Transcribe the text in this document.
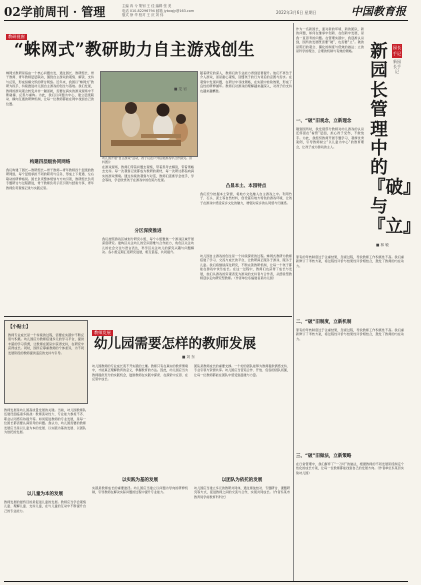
02学前周刊 · 管理	主编 冉 兮 策划 王 佳 编辑 张 美
电话 010-82296794 邮箱 jybxqjy@163.com
版式 徐 华 校对 王 庆 刘 伟	2022年3月6日 星期日	中国教育报
教研视窗
“蛛网式”教研助力自主游戏创生
蛛网式教研是指由一个核心问题出发，通过园长、教研组长、骨干教师、青年教师层层联动，围绕自主游戏的观察、解读、支持与反思，形成纵横交织的研讨网络。近年来，我园以“蛛网式”教研为抓手，持续推进幼儿园自主游戏的创生与落地。我们发现，教师的游戏观念转变并非一蹴而就，需要在真实的游戏现场中不断碰撞、反思与重构。为此，我们以问题为中心，建立层级联动、横向互通的研修机制，让每一位教师都能在网中找到自己的位置。
构建四层级协同网络
我们构建了园长—教研组长—骨干教师—青年教师四个层级的教研网络，每个层级承担不同的职责与任务，形成上下贯通、左右联动的研修格局。园长负责整体规划与方向引领，教研组长负责专题研讨与过程跟进，骨干教师负责示范引领与经验分享，青年教师负责观察记录与实践反思。
幼儿园开展“自主游戏”活动，孩子们在户外搭建游戏中合作探究。资料图片
在游戏现场，教师们带着问题去观察，带着思考去解读，带着策略去支持。每一次观察记录都成为教研的素材，每一次研讨都指向真实的游戏情境。通过持续的观察与对话，教师们逐渐学会放手，学会等待，学会欣赏孩子在游戏中的创造与发现。
分区深度推进
我们按照游戏区域划分研究小组，每个小组聚焦一个游戏区域开展深度研究。建构区关注幼儿的空间思维与合作能力，角色区关注幼儿的社会交往与语言表达，科学区关注幼儿的探究兴趣与问题解决。各小组定期汇报研究进展，相互借鉴，共同提升。
随着研究的深入，教师们的专业能力得到显著提升。他们不再急于介入游戏，而是耐心观察，读懂孩子的行为背后的意图与需求。在观察中发现问题，在研讨中寻找策略，在实践中检验效果，形成了良性的研修循环。教师们对游戏的理解越来越深入，对孩子的支持也越来越精准。
凸显本土、本园特点
我们充分挖掘本土资源，将地方文化融入自主游戏之中。利用竹子、石头、泥土等自然材料，创设富有地方特色的游戏环境，让孩子在游戏中感受家乡文化的魅力，增强对家乡的认同感与归属感。
幼儿园自主游戏的创生是一个持续探索的过程。蛛网式教研为教师搭建了学习、交流与成长的平台，让教研真正服务于游戏、服务于儿童。我们将继续深化研究，不断完善教研机制，让每一个孩子都能在游戏中快乐成长。在这一过程中，教师们也获得了成长与发展，他们从游戏的旁观者变为游戏的支持者与合作者，从经验型教师逐步走向研究型教师。（作者单位系福建省某幼儿园）
■ 龙 岩
新园长管理中的『破』与『立』
园长手记
新园长手记
■ 林 敏
作为一名新园长，面对新的环境、新的团队、新的问题，如何在继承中创新、在创新中发展，是我一直思考的问题。在管理实践中，我逐渐认识到，园所的发展既需要“破”，也需要“立”。破的是陈旧的观念、僵化的制度与低效的做法；立的是科学的理念、合理的机制与有效的策略。
一、“破”旧观念，立新理念
刚到园所时，我发现部分教师对幼儿游戏的认识还停留在“看管”层面，担心孩子受伤，不敢放手。为此，我组织教师开展专题学习，观摩优秀案例，引导教师树立“以儿童为中心”的教育理念，让孩子成为游戏的主人。
原有的考核制度过于注重结果，忽视过程，导致教师工作积极性不高。我们重新修订了考核方案，将过程性评价与结果性评价相结合，激发了教师的内在动力。
二、“破”旧制度，立新机制
原有的考核制度过于注重结果，忽视过程，导致教师工作积极性不高。我们重新修订了考核方案，将过程性评价与结果性评价相结合，激发了教师的内在动力。
三、“破”旧做法，立新策略
在日常管理中，我们摒弃了“一刀切”的做法，根据教师的不同发展阶段制定个性化的成长方案，让每一位教师都能找到自己的发展方向。（作者单位系某县实验幼儿园）
【小贴士】
教师专业成长是一个持续的过程，需要在实践中不断反思与积累。幼儿园应为教师搭建多元的学习平台，提供丰富的学习资源，让教师在团队中获得支持，在研究中获得成长。同时，园所应尊重教师的个体差异，为不同发展阶段的教师提供适宜的支持与引导。
教师发展
幼儿园需要怎样的教师发展
■ 刘 东
教师发展是幼儿园高质量发展的关键。当前，幼儿园教师队伍建设面临诸多挑战：教师流动性大、专业能力参差不齐、职业认同感有待提升等。如何促进教师的专业发展，是每一位园长都需要认真思考的问题。我认为，幼儿园需要的教师发展应当是以儿童为本的发展、以实践为基的发展、以团队为依托的发展。
以儿童为本的发展
教师发展的最终目的是促进儿童的发展。教师应当学会观察儿童、理解儿童、支持儿童，在与儿童的互动中不断提升自己的专业能力。
幼儿园教师的专业成长离不开实践的土壤。教师只有在真实的教育情境中，才能真正理解教育的意义，掌握教育的方法。因此，幼儿园应当为教师提供充分的实践机会，鼓励教师在实践中探索、在探索中反思、在反思中成长。
以实践为基的发展
实践是教师成长的重要途径。幼儿园应当建立以问题为导向的研修机制，引导教师在解决实际问题的过程中提升专业能力。
团队是教师成长的重要支撑。一个好的团队能够为教师提供情感支持、专业引领与资源共享。幼儿园应当营造合作、开放、包容的团队氛围，让每一位教师都能在团队中感受到温暖与力量。
以团队为依托的发展
幼儿园应当建立多元的教研共同体，通过师徒结对、专题研讨、课题研究等方式，促进教师之间的交流与合作，实现共同成长。（作者系某市教育局学前教育科科长）
